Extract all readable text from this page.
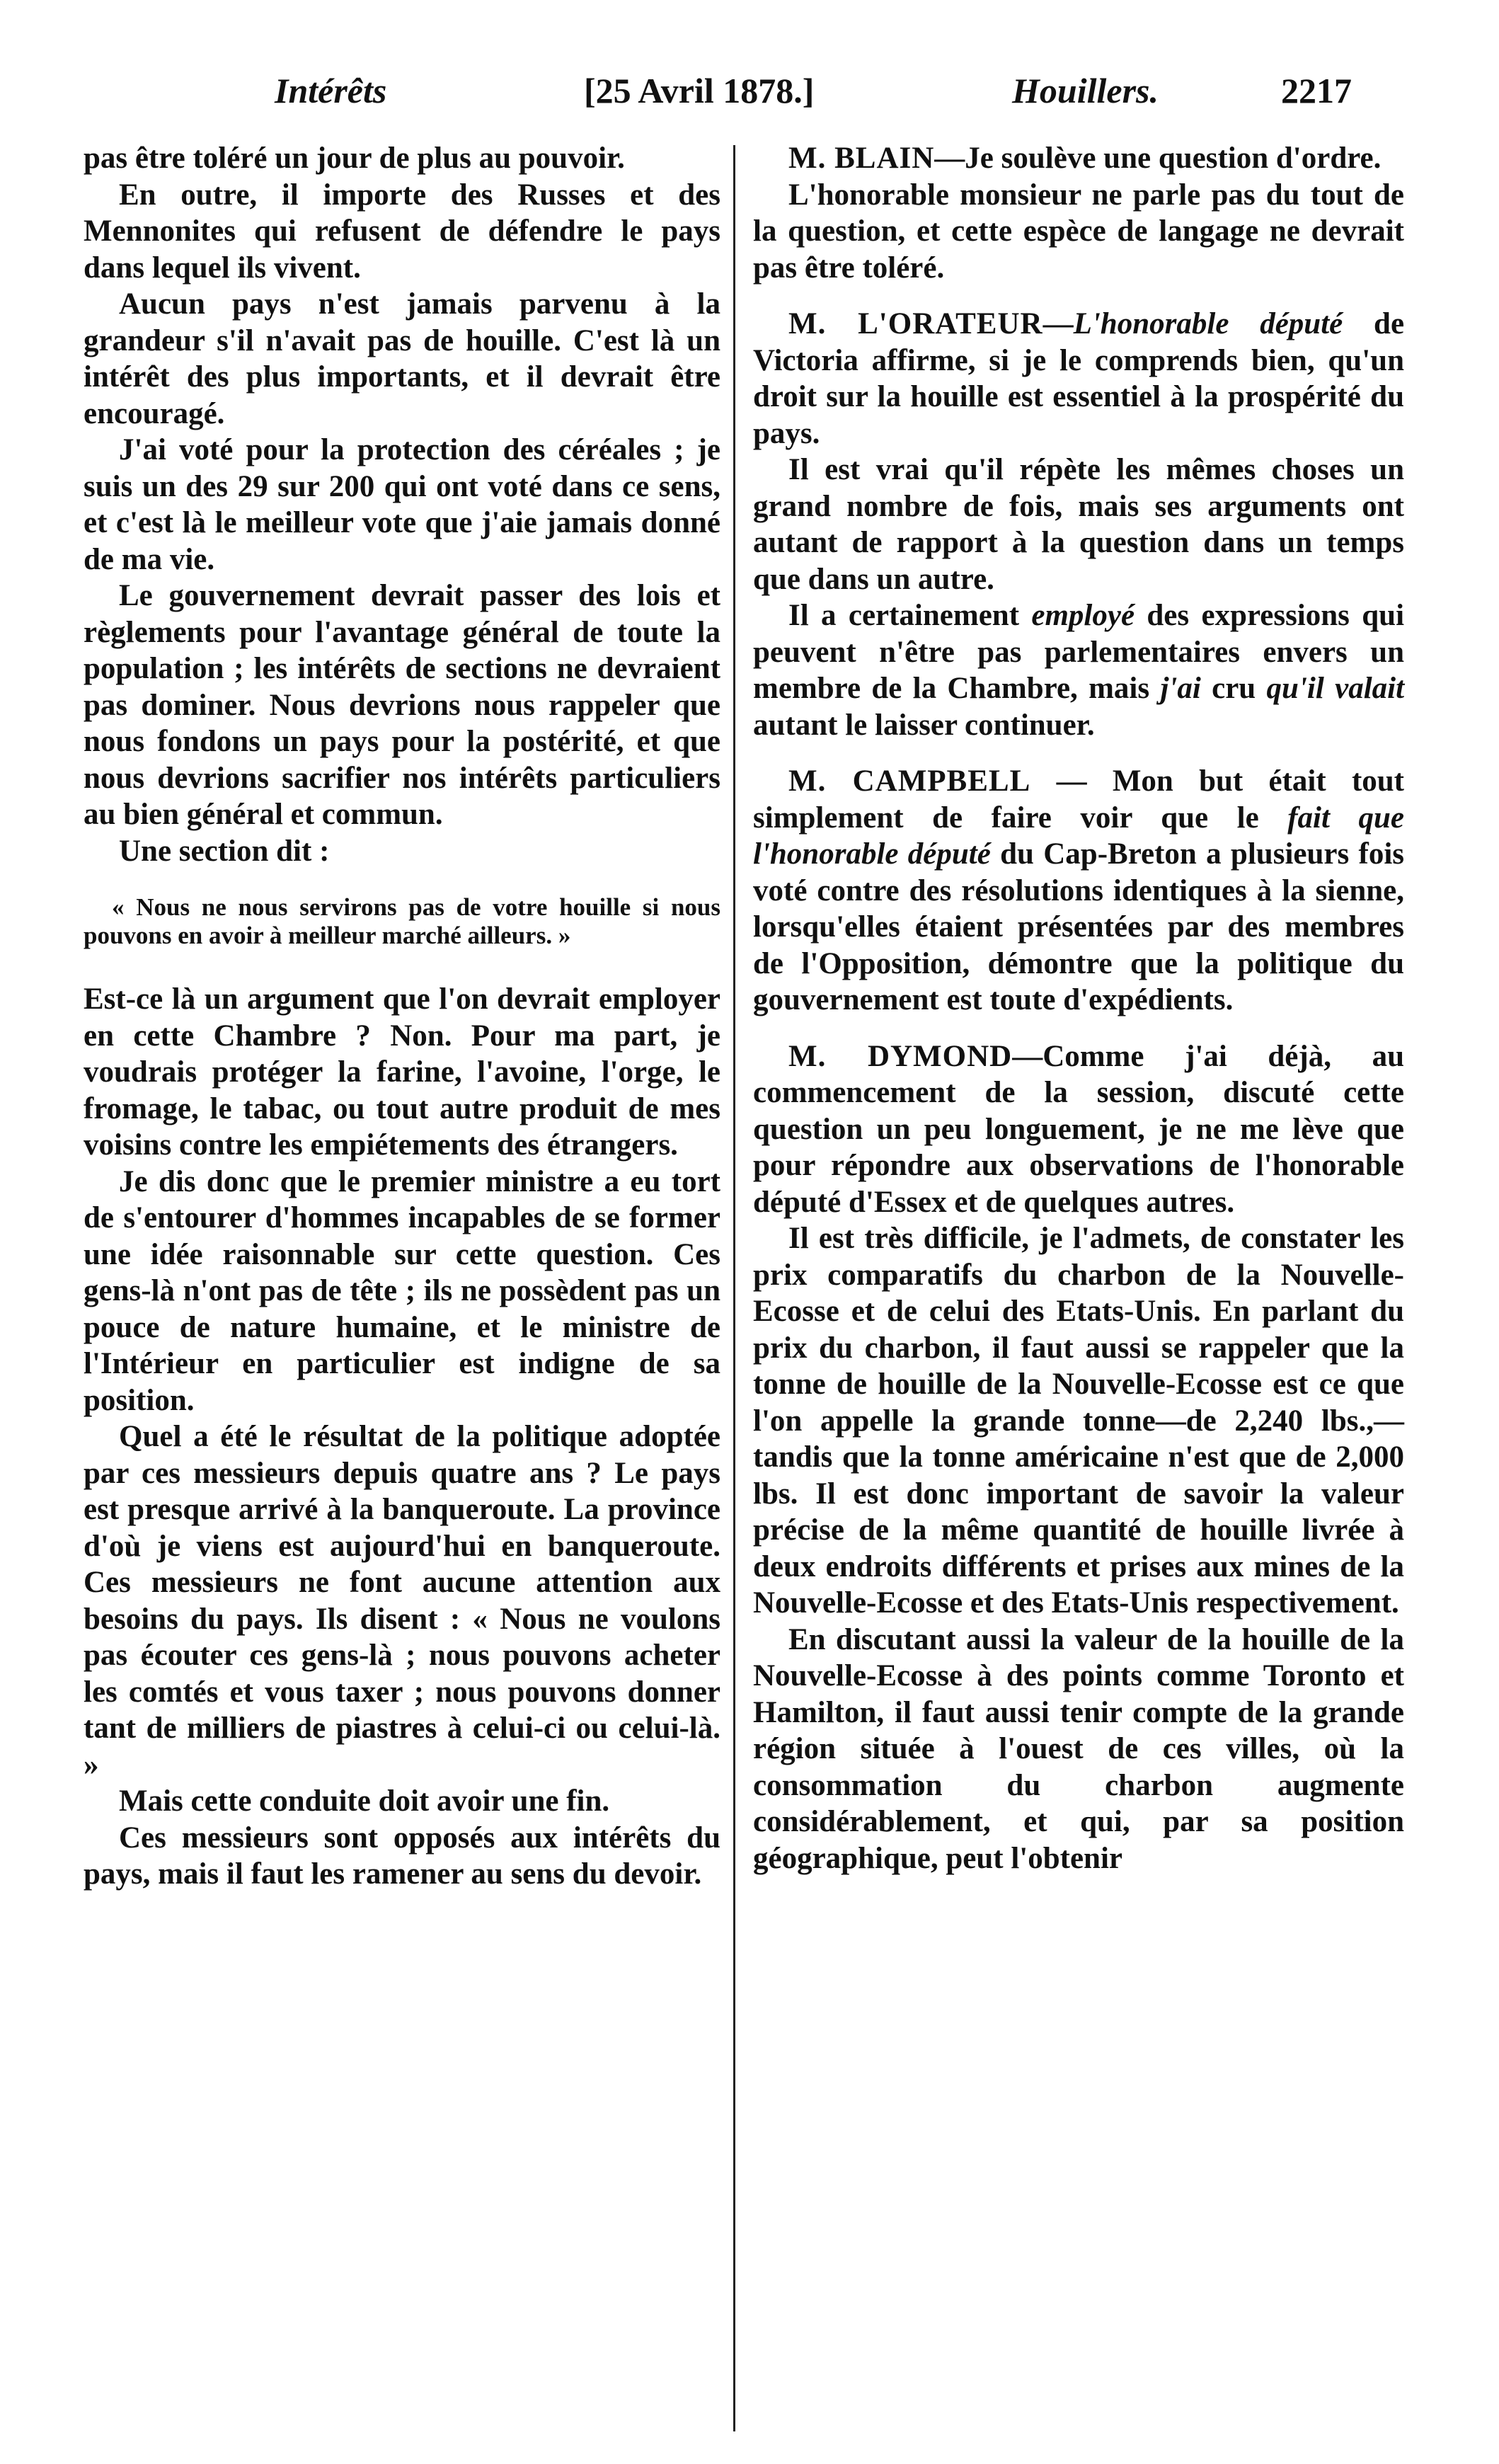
Intérêts	[25 Avril 1878.]	Houillers.	2217

pas être toléré un jour de plus au pouvoir.

En outre, il importe des Russes et des Mennonites qui refusent de défendre le pays dans lequel ils vivent.

Aucun pays n'est jamais parvenu à la grandeur s'il n'avait pas de houille. C'est là un intérêt des plus importants, et il devrait être encouragé.

J'ai voté pour la protection des céréales ; je suis un des 29 sur 200 qui ont voté dans ce sens, et c'est là le meilleur vote que j'aie jamais donné de ma vie.

Le gouvernement devrait passer des lois et règlements pour l'avantage général de toute la population ; les intérêts de sections ne devraient pas dominer. Nous devrions nous rappeler que nous fondons un pays pour la postérité, et que nous devrions sacrifier nos intérêts particuliers au bien général et commun.

Une section dit :

« Nous ne nous servirons pas de votre houille si nous pouvons en avoir à meilleur marché ailleurs. »

Est-ce là un argument que l'on devrait employer en cette Chambre ? Non. Pour ma part, je voudrais protéger la farine, l'avoine, l'orge, le fromage, le tabac, ou tout autre produit de mes voisins contre les empiétements des étrangers.

Je dis donc que le premier ministre a eu tort de s'entourer d'hommes incapables de se former une idée raisonnable sur cette question. Ces gens-là n'ont pas de tête ; ils ne possèdent pas un pouce de nature humaine, et le ministre de l'Intérieur en particulier est indigne de sa position.

Quel a été le résultat de la politique adoptée par ces messieurs depuis quatre ans ? Le pays est presque arrivé à la banqueroute. La province d'où je viens est aujourd'hui en banqueroute. Ces messieurs ne font aucune attention aux besoins du pays. Ils disent : « Nous ne voulons pas écouter ces gens-là ; nous pouvons acheter les comtés et vous taxer ; nous pouvons donner tant de milliers de piastres à celui-ci ou celui-là. »

Mais cette conduite doit avoir une fin.

Ces messieurs sont opposés aux intérêts du pays, mais il faut les ramener au sens du devoir.

M. BLAIN—Je soulève une question d'ordre.

L'honorable monsieur ne parle pas du tout de la question, et cette espèce de langage ne devrait pas être toléré.

M. L'ORATEUR—L'honorable député de Victoria affirme, si je le comprends bien, qu'un droit sur la houille est essentiel à la prospérité du pays.

Il est vrai qu'il répète les mêmes choses un grand nombre de fois, mais ses arguments ont autant de rapport à la question dans un temps que dans un autre.

Il a certainement employé des expressions qui peuvent n'être pas parlementaires envers un membre de la Chambre, mais j'ai cru qu'il valait autant le laisser continuer.

M. CAMPBELL — Mon but était tout simplement de faire voir que le fait que l'honorable député du Cap-Breton a plusieurs fois voté contre des résolutions identiques à la sienne, lorsqu'elles étaient présentées par des membres de l'Opposition, démontre que la politique du gouvernement est toute d'expédients.

M. DYMOND—Comme j'ai déjà, au commencement de la session, discuté cette question un peu longuement, je ne me lève que pour répondre aux observations de l'honorable député d'Essex et de quelques autres.

Il est très difficile, je l'admets, de constater les prix comparatifs du charbon de la Nouvelle-Ecosse et de celui des Etats-Unis. En parlant du prix du charbon, il faut aussi se rappeler que la tonne de houille de la Nouvelle-Ecosse est ce que l'on appelle la grande tonne—de 2,240 lbs.,—tandis que la tonne américaine n'est que de 2,000 lbs. Il est donc important de savoir la valeur précise de la même quantité de houille livrée à deux endroits différents et prises aux mines de la Nouvelle-Ecosse et des Etats-Unis respectivement.

En discutant aussi la valeur de la houille de la Nouvelle-Ecosse à des points comme Toronto et Hamilton, il faut aussi tenir compte de la grande région située à l'ouest de ces villes, où la consommation du charbon augmente considérablement, et qui, par sa position géographique, peut l'obtenir
